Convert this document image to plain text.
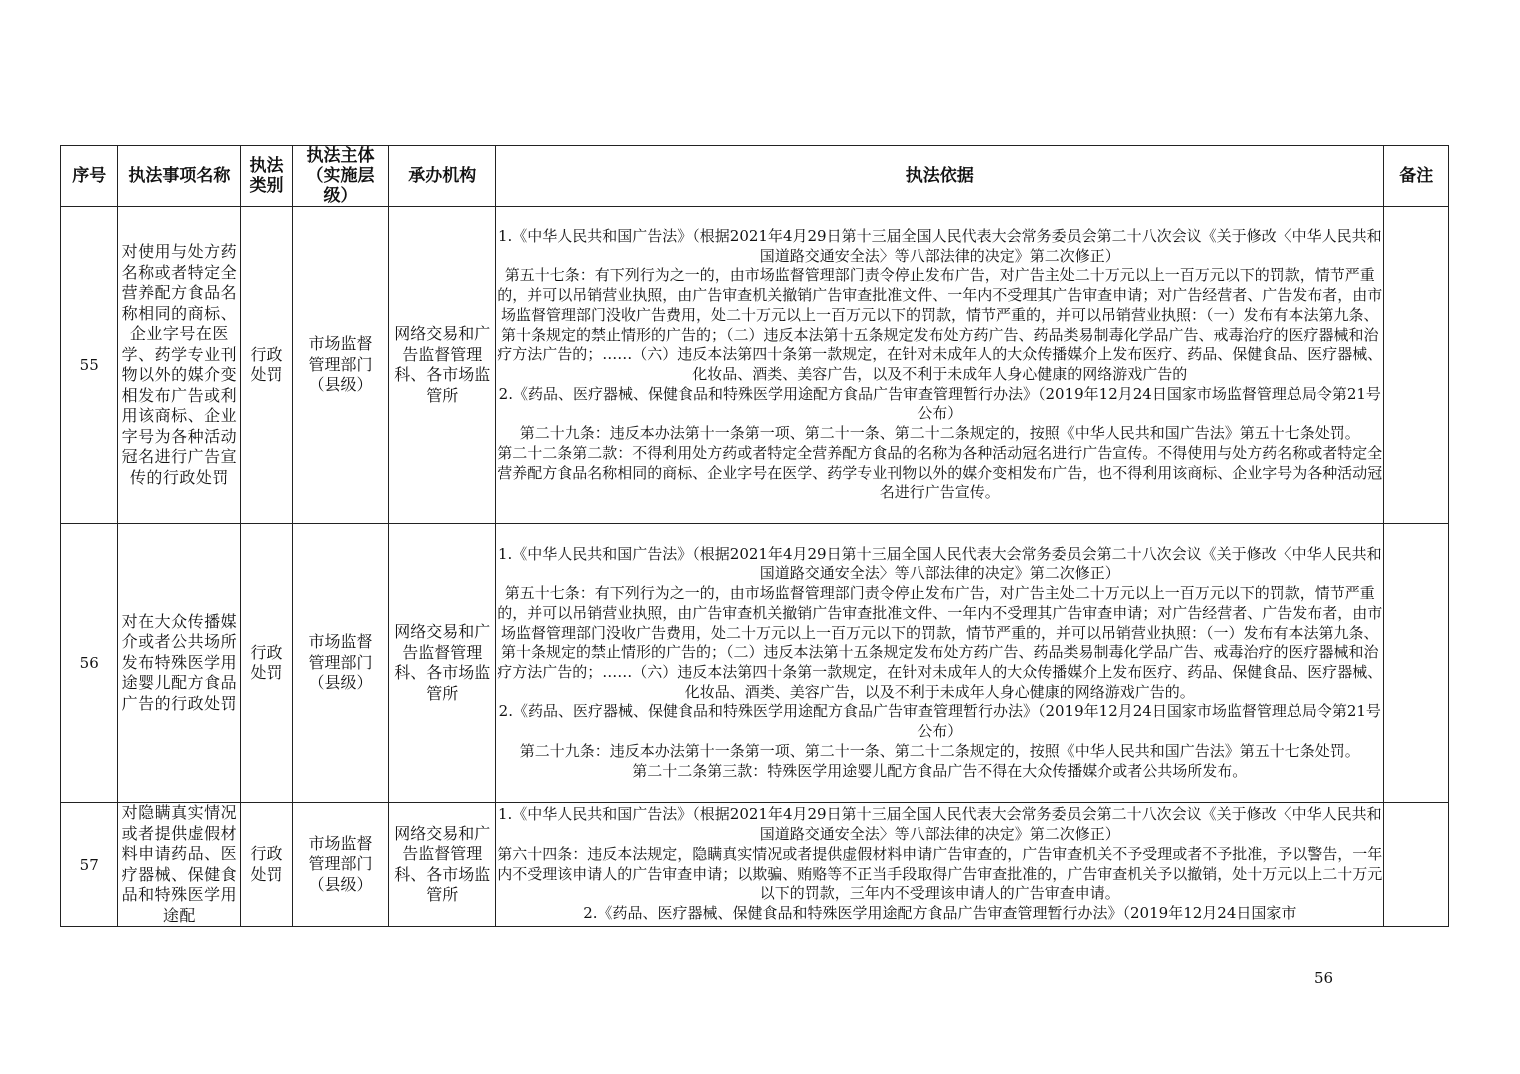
序号	执法事项名称	执法类别	执法主体（实施层级）	承办机构	执法依据	备注
55	对使用与处方药名称或者特定全营养配方食品名称相同的商标、企业字号在医学、药学专业刊物以外的媒介变相发布广告或利用该商标、企业字号为各种活动冠名进行广告宣传的行政处罚	行政处罚	市场监督管理部门（县级）	网络交易和广告监督管理科、各市场监管所	1.《中华人民共和国广告法》（根据2021年4月29日第十三届全国人民代表大会常务委员会第二十八次会议《关于修改〈中华人民共和国道路交通安全法〉等八部法律的决定》第二次修正）

第五十七条：有下列行为之一的，由市场监督管理部门责令停止发布广告，对广告主处二十万元以上一百万元以下的罚款，情节严重的，并可以吊销营业执照，由广告审查机关撤销广告审查批准文件、一年内不受理其广告审查申请；对广告经营者、广告发布者，由市场监督管理部门没收广告费用，处二十万元以上一百万元以下的罚款，情节严重的，并可以吊销营业执照：（一）发布有本法第九条、第十条规定的禁止情形的广告的；（二）违反本法第十五条规定发布处方药广告、药品类易制毒化学品广告、戒毒治疗的医疗器械和治疗方法广告的；……（六）违反本法第四十条第一款规定，在针对未成年人的大众传播媒介上发布医疗、药品、保健食品、医疗器械、化妆品、酒类、美容广告，以及不利于未成年人身心健康的网络游戏广告的

2.《药品、医疗器械、保健食品和特殊医学用途配方食品广告审查管理暂行办法》（2019年12月24日国家市场监督管理总局令第21号公布）

第二十九条：违反本办法第十一条第一项、第二十一条、第二十二条规定的，按照《中华人民共和国广告法》第五十七条处罚。

第二十二条第二款：不得利用处方药或者特定全营养配方食品的名称为各种活动冠名进行广告宣传。不得使用与处方药名称或者特定全营养配方食品名称相同的商标、企业字号在医学、药学专业刊物以外的媒介变相发布广告，也不得利用该商标、企业字号为各种活动冠名进行广告宣传。	

56	对在大众传播媒介或者公共场所发布特殊医学用途婴儿配方食品广告的行政处罚	行政处罚	市场监督管理部门（县级）	网络交易和广告监督管理科、各市场监管所	1.《中华人民共和国广告法》（根据2021年4月29日第十三届全国人民代表大会常务委员会第二十八次会议《关于修改〈中华人民共和国道路交通安全法〉等八部法律的决定》第二次修正）

第五十七条：有下列行为之一的，由市场监督管理部门责令停止发布广告，对广告主处二十万元以上一百万元以下的罚款，情节严重的，并可以吊销营业执照，由广告审查机关撤销广告审查批准文件、一年内不受理其广告审查申请；对广告经营者、广告发布者，由市场监督管理部门没收广告费用，处二十万元以上一百万元以下的罚款，情节严重的，并可以吊销营业执照：（一）发布有本法第九条、第十条规定的禁止情形的广告的；（二）违反本法第十五条规定发布处方药广告、药品类易制毒化学品广告、戒毒治疗的医疗器械和治疗方法广告的；……（六）违反本法第四十条第一款规定，在针对未成年人的大众传播媒介上发布医疗、药品、保健食品、医疗器械、化妆品、酒类、美容广告，以及不利于未成年人身心健康的网络游戏广告的。

2.《药品、医疗器械、保健食品和特殊医学用途配方食品广告审查管理暂行办法》（2019年12月24日国家市场监督管理总局令第21号公布）

第二十九条：违反本办法第十一条第一项、第二十一条、第二十二条规定的，按照《中华人民共和国广告法》第五十七条处罚。

第二十二条第三款：特殊医学用途婴儿配方食品广告不得在大众传播媒介或者公共场所发布。	

57	对隐瞒真实情况或者提供虚假材料申请药品、医疗器械、保健食品和特殊医学用途配	行政处罚	市场监督管理部门（县级）	网络交易和广告监督管理科、各市场监管所	1.《中华人民共和国广告法》（根据2021年4月29日第十三届全国人民代表大会常务委员会第二十八次会议《关于修改〈中华人民共和国道路交通安全法〉等八部法律的决定》第二次修正）

第六十四条：违反本法规定，隐瞒真实情况或者提供虚假材料申请广告审查的，广告审查机关不予受理或者不予批准，予以警告，一年内不受理该申请人的广告审查申请；以欺骗、贿赂等不正当手段取得广告审查批准的，广告审查机关予以撤销，处十万元以上二十万元以下的罚款，三年内不受理该申请人的广告审查申请。

2.《药品、医疗器械、保健食品和特殊医学用途配方食品广告审查管理暂行办法》（2019年12月24日国家市	

56
